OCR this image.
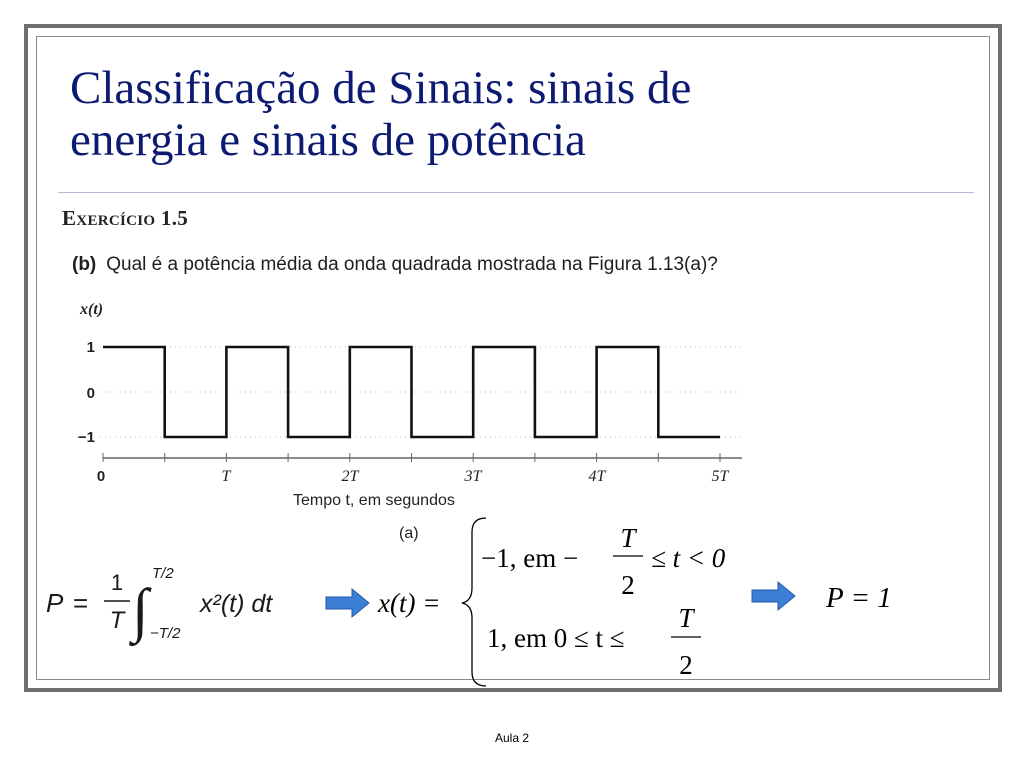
Classificação de Sinais: sinais de
energia e sinais de potência
Exercício 1.5
(b) Qual é a potência média da onda quadrada mostrada na Figura 1.13(a)?
x(t)
1
0
−1
0	T	2T	3T	4T	5T
Tempo t, em segundos
(a)
P =
1
T ∫
T/2
−T/2
x²(t) dt	x(t) =
−1, em −
T
2
≤ t < 0
1, em 0 ≤ t ≤
T
2
P = 1
Aula 2
